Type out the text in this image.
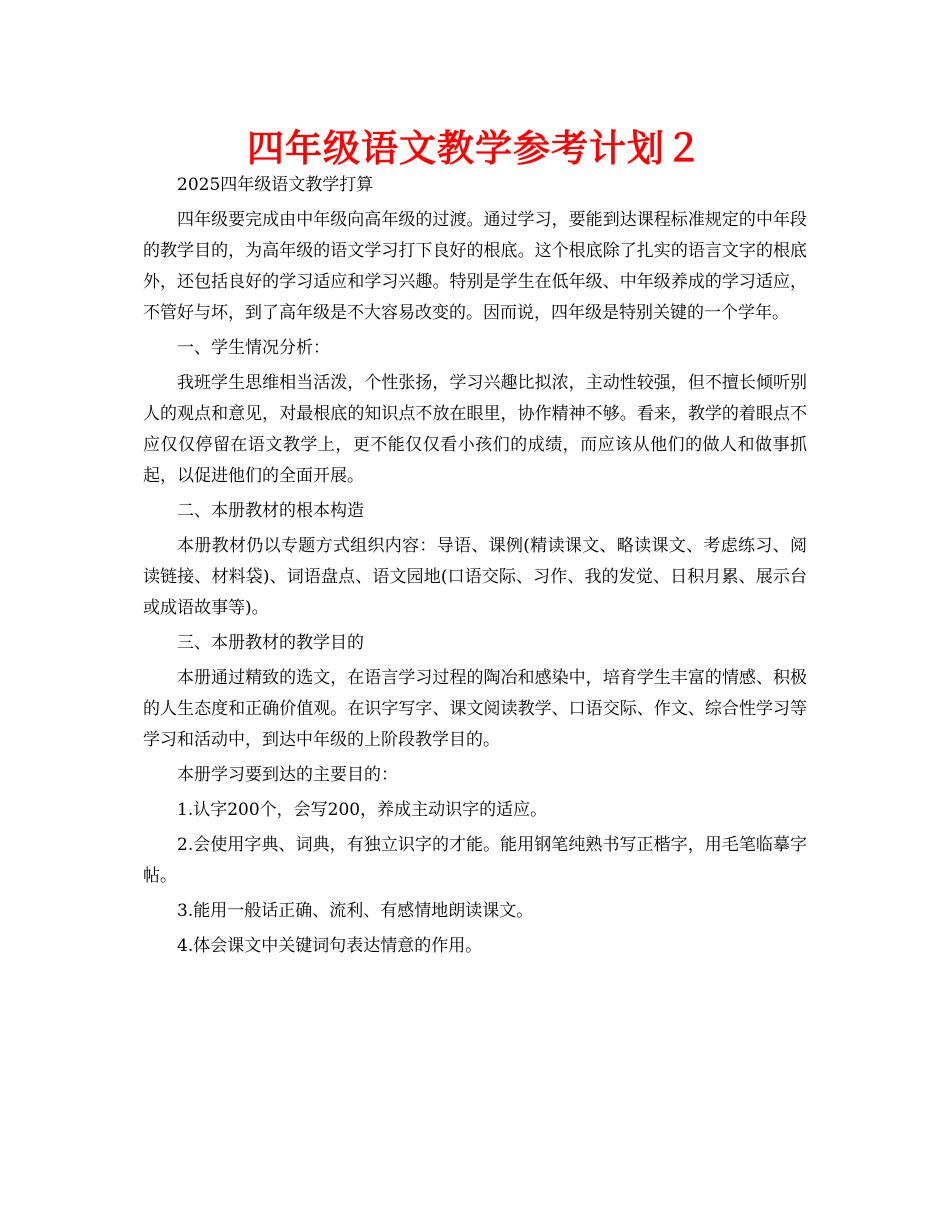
四年级语文教学参考计划２

2025四年级语文教学打算

四年级要完成由中年级向高年级的过渡。通过学习，要能到达课程标准规定的中年段的教学目的，为高年级的语文学习打下良好的根底。这个根底除了扎实的语言文字的根底外，还包括良好的学习适应和学习兴趣。特别是学生在低年级、中年级养成的学习适应，不管好与坏，到了高年级是不大容易改变的。因而说，四年级是特别关键的一个学年。

一、学生情况分析：

我班学生思维相当活泼，个性张扬，学习兴趣比拟浓，主动性较强，但不擅长倾听别人的观点和意见，对最根底的知识点不放在眼里，协作精神不够。看来，教学的着眼点不应仅仅停留在语文教学上，更不能仅仅看小孩们的成绩，而应该从他们的做人和做事抓起，以促进他们的全面开展。

二、本册教材的根本构造

本册教材仍以专题方式组织内容：导语、课例(精读课文、略读课文、考虑练习、阅读链接、材料袋)、词语盘点、语文园地(口语交际、习作、我的发觉、日积月累、展示台或成语故事等)。

三、本册教材的教学目的

本册通过精致的选文，在语言学习过程的陶冶和感染中，培育学生丰富的情感、积极的人生态度和正确价值观。在识字写字、课文阅读教学、口语交际、作文、综合性学习等学习和活动中，到达中年级的上阶段教学目的。

本册学习要到达的主要目的：

1.认字200个，会写200，养成主动识字的适应。

2.会使用字典、词典，有独立识字的才能。能用钢笔纯熟书写正楷字，用毛笔临摹字帖。

3.能用一般话正确、流利、有感情地朗读课文。

4.体会课文中关键词句表达情意的作用。
